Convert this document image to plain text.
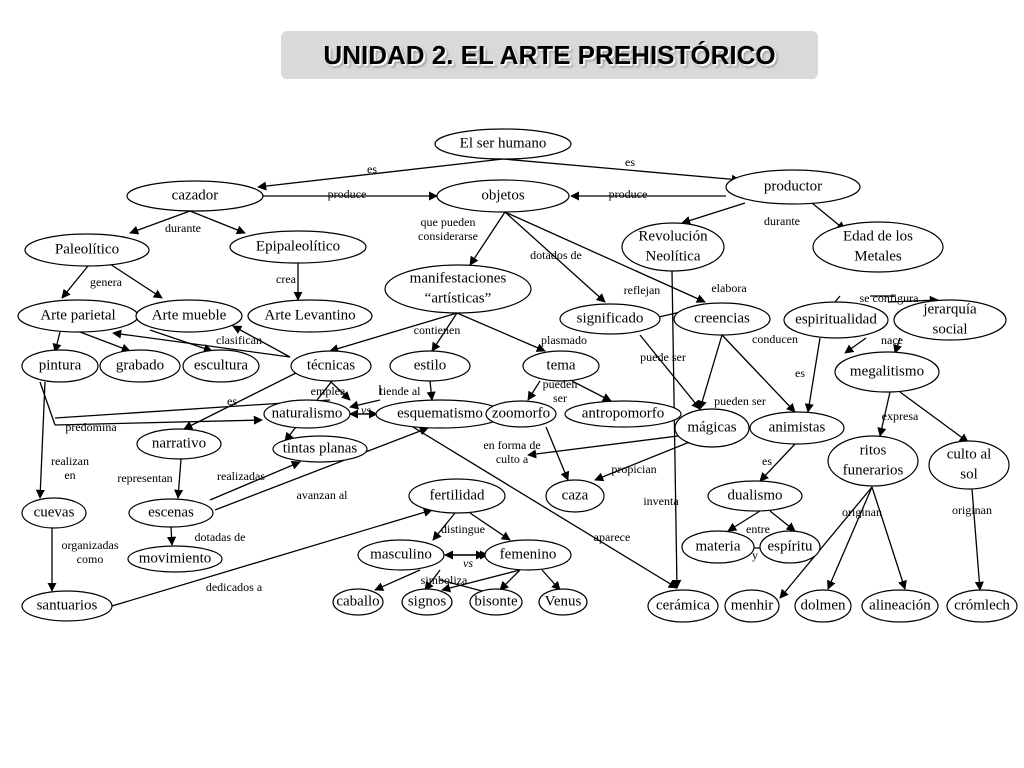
UNIDAD 2. EL ARTE PREHISTÓRICO
El ser humano
cazador	objetos
productor
Paleolítico	Epipaleolítico
Revolución Neolítica
Edad de los Metales
manifestaciones “artísticas”
Arte parietal Arte mueble	Arte Levantino	significado	creencias	espiritualidad
jerarquía social
pintura grabado escultura	técnicas	estilo	tema	megalitismo
naturalismo	esquematismo zoomorfo antropomorfo
mágicas animistas
narrativo	tintas planas	ritos funerarios
culto al sol
caza
fertilidad	dualismo
cuevas	escenas
masculino	femenino	materia espíritu
movimiento
santuarios	caballo signos bisonte Venus	cerámica menhir dolmen alineación crómlech
es	es
produce	produce
durante	durante
que pueden considerarse
dotados de
genera	crea
reflejan	elabora
se configura
contienen
clasifican	plasmado
puede ser
conducen	nace
emplea	tiende al	pueden ser
es
es
pueden ser
predomina
vs	expresa
en forma de culto a
realizan en	representan	realizadas	propician
es
avanzan al	inventa
originan	originan
distingue
dotadas de	aparece
entre
organizadas como	vs
y
simboliza
dedicados a
